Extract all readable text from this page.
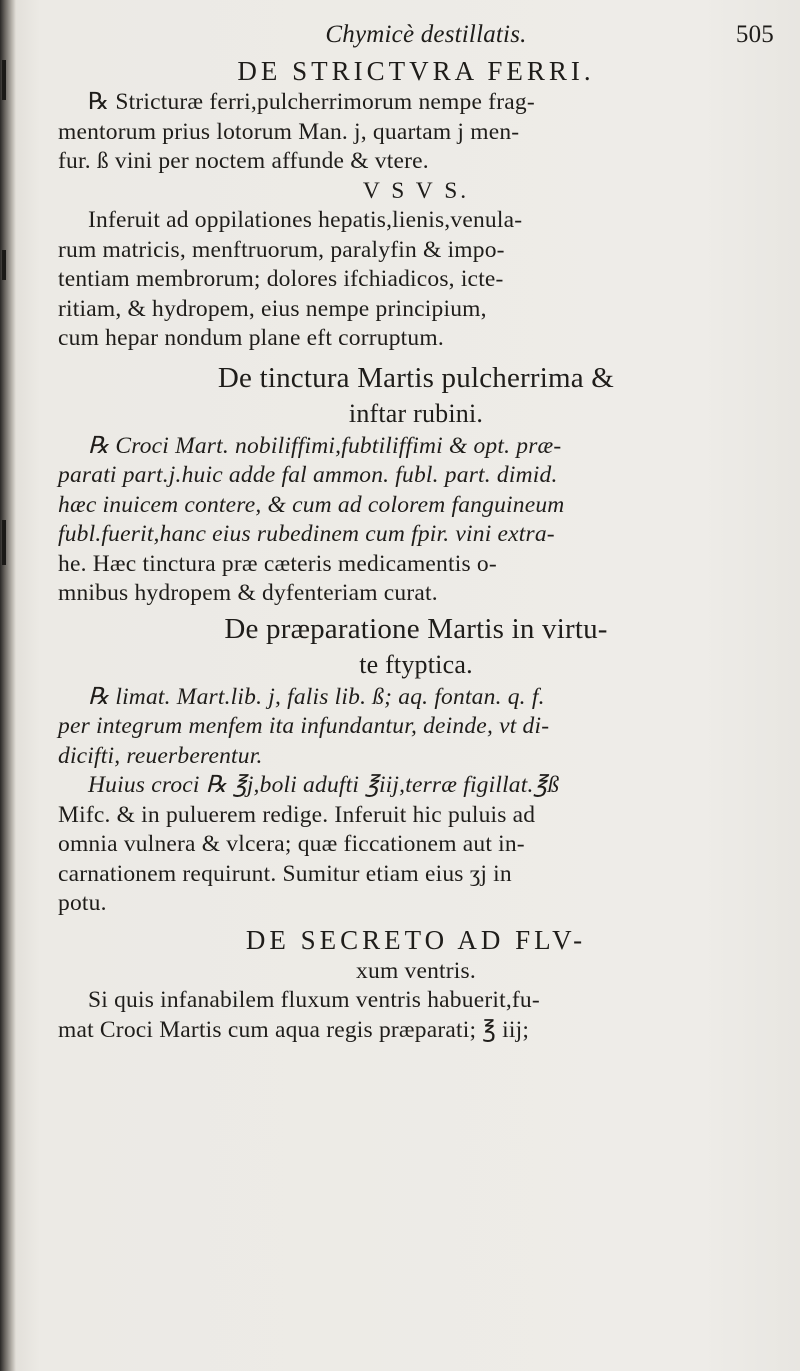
Chymicè destillatis.	505
DE STRICTVRA FERRI.
℞ Stricturæ ferri,pulcherrimorum nempe frag-
mentorum prius lotorum Man. j, quartam j men-
fur. ß vini per noctem affunde & vtere.
V S V S.
Inferuit ad oppilationes hepatis,lienis,venula-
rum matricis, menftruorum, paralyfin & impo-
tentiam membrorum; dolores ifchiadicos, icte-
ritiam, & hydropem, eius nempe principium,
cum hepar nondum plane eft corruptum.
De tinctura Martis pulcherrima &
inftar rubini.
℞ Croci Mart. nobiliffimi,fubtiliffimi & opt. præ-
parati part.j.huic adde fal ammon. fubl. part. dimid.
hæc inuicem contere, & cum ad colorem fanguineum
fubl.fuerit,hanc eius rubedinem cum fpir. vini extra-
he. Hæc tinctura præ cæteris medicamentis o-
mnibus hydropem & dyfenteriam curat.
De præparatione Martis in virtu-
te ftyptica.
℞ limat. Mart.lib. j, falis lib. ß; aq. fontan. q. f.
per integrum menfem ita infundantur, deinde, vt di-
dicifti, reuerberentur.
Huius croci ℞ ℥j,boli adufti ℥iij,terræ figillat.℥ß
Mifc. & in puluerem redige. Inferuit hic puluis ad
omnia vulnera & vlcera; quæ ficcationem aut in-
carnationem requirunt. Sumitur etiam eius ʒj in
potu.
DE SECRETO AD FLV-
xum ventris.
Si quis infanabilem fluxum ventris habuerit,fu-
mat Croci Martis cum aqua regis præparati; ℥ iij;
